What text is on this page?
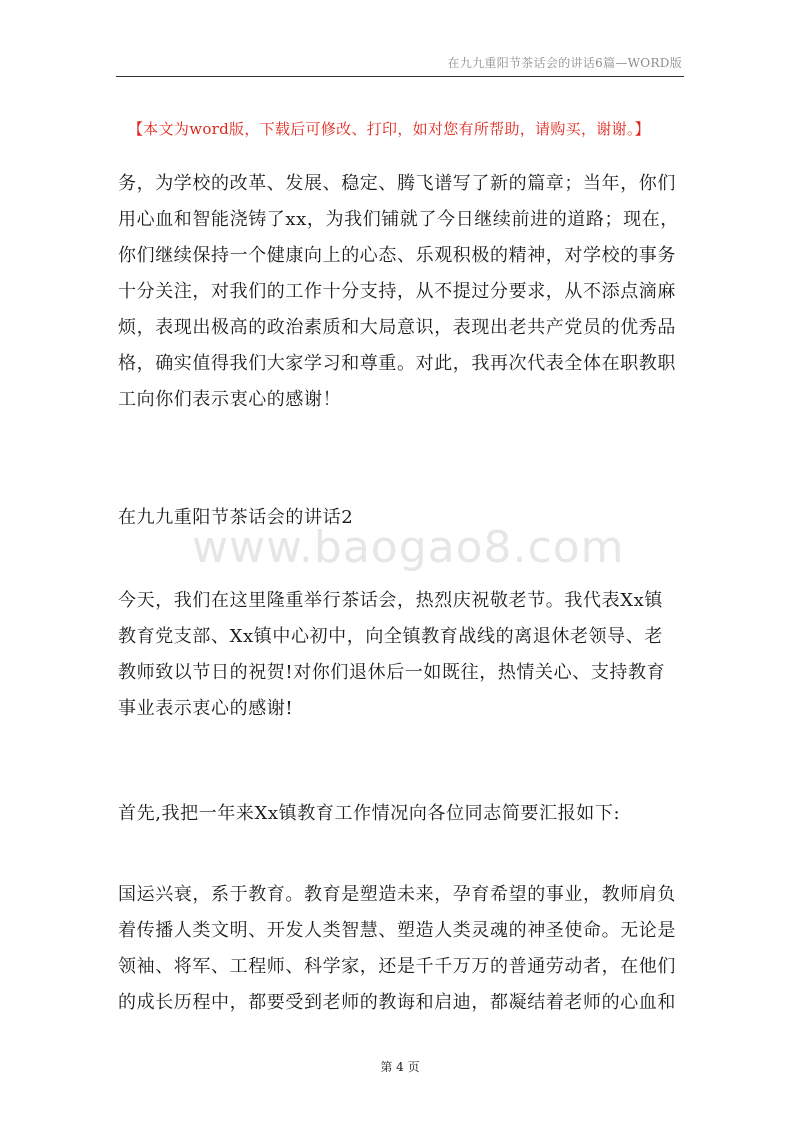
在九九重阳节茶话会的讲话6篇—WORD版
【本文为word版，下载后可修改、打印，如对您有所帮助，请购买，谢谢。】
www.baogao8.com
务，为学校的改革、发展、稳定、腾飞谱写了新的篇章；当年，你们
用心血和智能浇铸了xx，为我们铺就了今日继续前进的道路；现在，
你们继续保持一个健康向上的心态、乐观积极的精神，对学校的事务
十分关注，对我们的工作十分支持，从不提过分要求，从不添点滴麻
烦，表现出极高的政治素质和大局意识，表现出老共产党员的优秀品
格，确实值得我们大家学习和尊重。对此，我再次代表全体在职教职
工向你们表示衷心的感谢！
在九九重阳节茶话会的讲话2
今天，我们在这里隆重举行茶话会，热烈庆祝敬老节。我代表Xx镇
教育党支部、Xx镇中心初中，向全镇教育战线的离退休老领导、老
教师致以节日的祝贺!对你们退休后一如既往，热情关心、支持教育
事业表示衷心的感谢!
首先,我把一年来Xx镇教育工作情况向各位同志简要汇报如下:
国运兴衰，系于教育。教育是塑造未来，孕育希望的事业，教师肩负
着传播人类文明、开发人类智慧、塑造人类灵魂的神圣使命。无论是
领袖、将军、工程师、科学家，还是千千万万的普通劳动者，在他们
的成长历程中，都要受到老师的教诲和启迪，都凝结着老师的心血和
第 4 页
